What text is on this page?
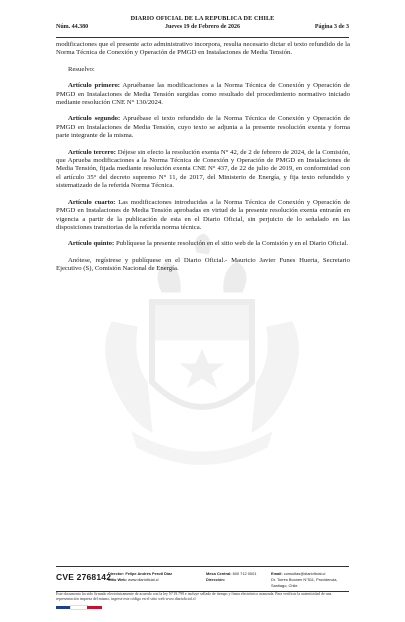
DIARIO OFICIAL DE LA REPUBLICA DE CHILE
Núm. 44.380	Jueves 19 de Febrero de 2026	Página 3 de 3

modificaciones que el presente acto administrativo incorpora, resulta necesario dictar el texto refundido de la Norma Técnica de Conexión y Operación de PMGD en Instalaciones de Media Tensión.

Resuelvo:

Artículo primero: Apruébanse las modificaciones a la Norma Técnica de Conexión y Operación de PMGD en Instalaciones de Media Tensión surgidas como resultado del procedimiento normativo iniciado mediante resolución CNE N° 130/2024.

Artículo segundo: Apruébase el texto refundido de la Norma Técnica de Conexión y Operación de PMGD en Instalaciones de Media Tensión, cuyo texto se adjunta a la presente resolución exenta y forma parte integrante de la misma.

Artículo tercero: Déjese sin efecto la resolución exenta N° 42, de 2 de febrero de 2024, de la Comisión, que Aprueba modificaciones a la Norma Técnica de Conexión y Operación de PMGD en Instalaciones de Media Tensión, fijada mediante resolución exenta CNE N° 437, de 22 de julio de 2019, en conformidad con el artículo 35° del decreto supremo N° 11, de 2017, del Ministerio de Energía, y fija texto refundido y sistematizado de la referida Norma Técnica.

Artículo cuarto: Las modificaciones introducidas a la Norma Técnica de Conexión y Operación de PMGD en Instalaciones de Media Tensión aprobadas en virtud de la presente resolución exenta entrarán en vigencia a partir de la publicación de esta en el Diario Oficial, sin perjuicio de lo señalado en las disposiciones transitorias de la referida norma técnica.

Artículo quinto: Publíquese la presente resolución en el sitio web de la Comisión y en el Diario Oficial.

Anótese, regístrese y publíquese en el Diario Oficial.- Mauricio Javier Funes Huerta, Secretario Ejecutivo (S), Comisión Nacional de Energía.

CVE 2768142
Director: Felipe Andrés Peroti Díaz
Sitio Web: www.diarioficial.cl
Mesa Central: 600 712 0001
Dirección:
Email: consultas@diarioficial.cl
Dr. Torres Boonen N°511, Providencia, Santiago, Chile.
Este documento ha sido firmado electrónicamente de acuerdo con la ley N°19.799 e incluye sellado de tiempo y firma electrónica avanzada. Para verificar la autenticidad de una representación impresa del mismo, ingrese este código en el sitio web www.diarioficial.cl
